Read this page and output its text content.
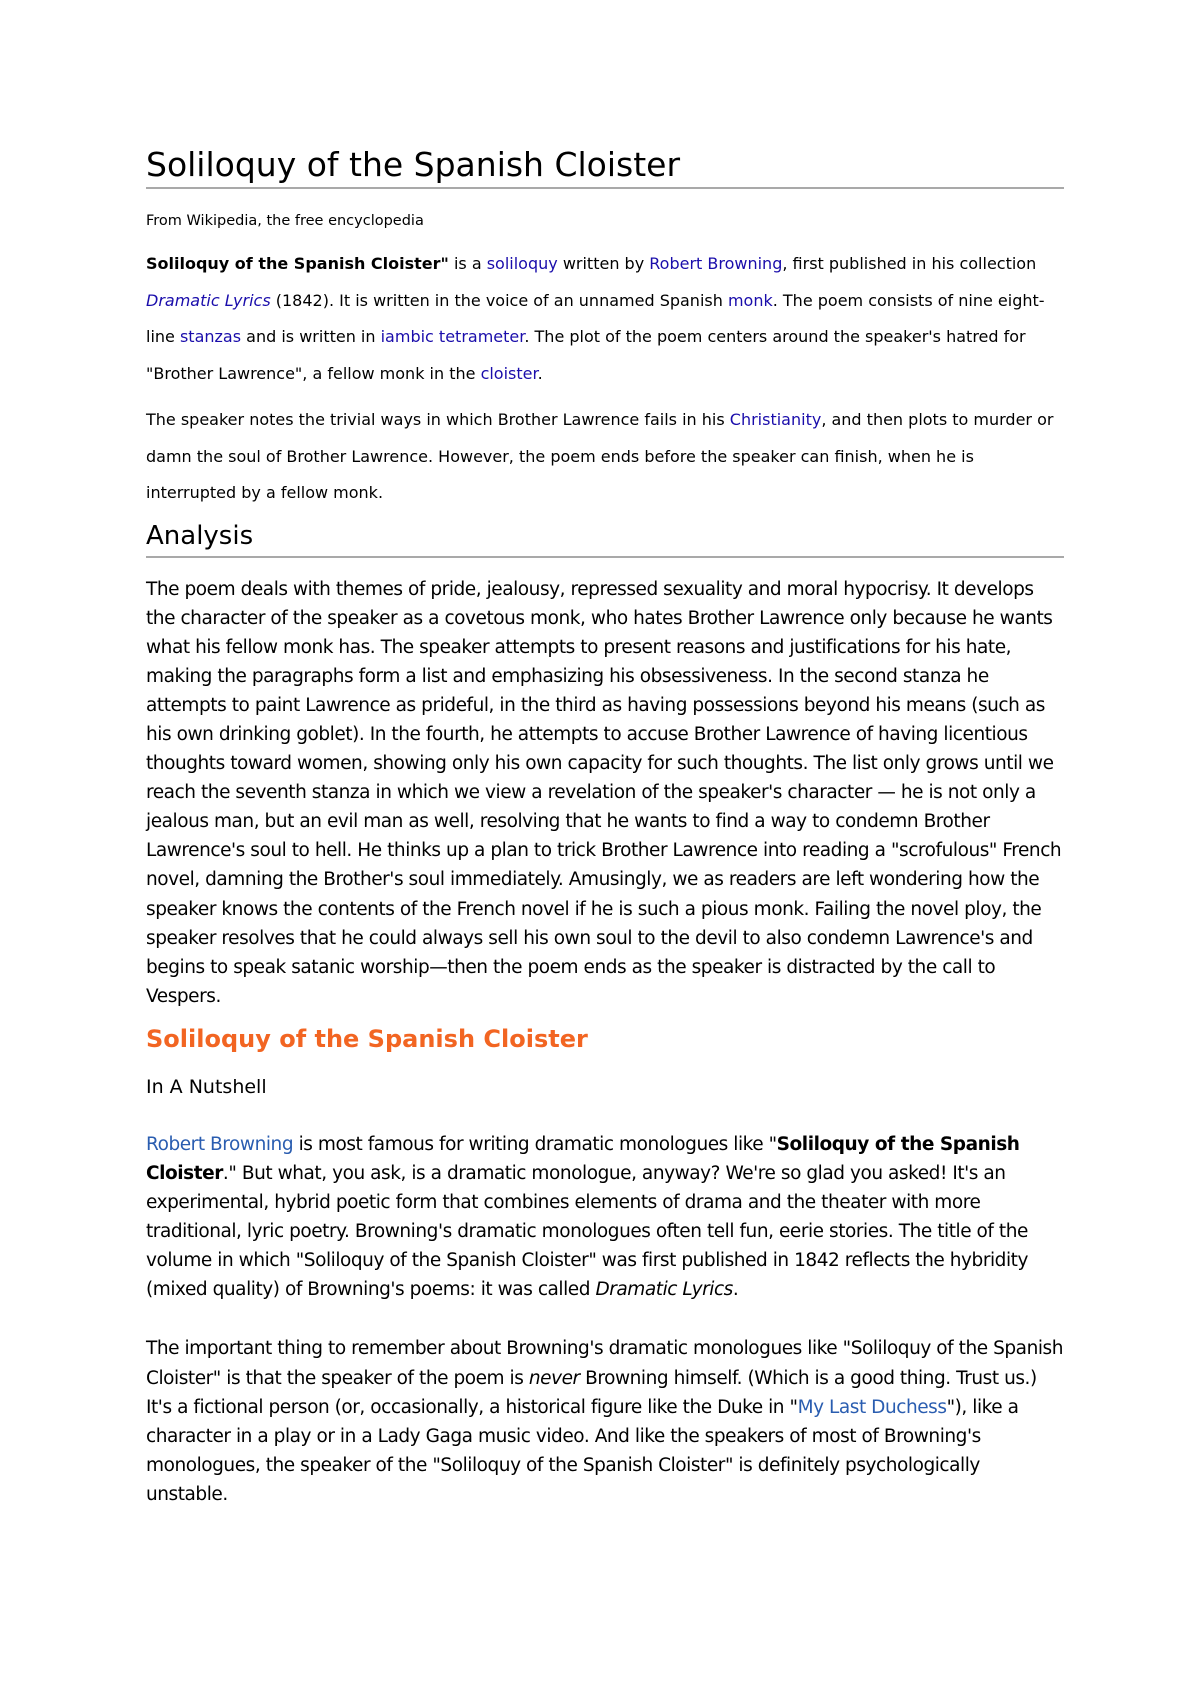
Soliloquy of the Spanish Cloister
From Wikipedia, the free encyclopedia

Soliloquy of the Spanish Cloister" is a soliloquy written by Robert Browning, first published in his collection Dramatic Lyrics (1842). It is written in the voice of an unnamed Spanish monk. The poem consists of nine eight-line stanzas and is written in iambic tetrameter. The plot of the poem centers around the speaker's hatred for "Brother Lawrence", a fellow monk in the cloister.

The speaker notes the trivial ways in which Brother Lawrence fails in his Christianity, and then plots to murder or damn the soul of Brother Lawrence. However, the poem ends before the speaker can finish, when he is interrupted by a fellow monk.

Analysis

The poem deals with themes of pride, jealousy, repressed sexuality and moral hypocrisy. It develops the character of the speaker as a covetous monk, who hates Brother Lawrence only because he wants what his fellow monk has. The speaker attempts to present reasons and justifications for his hate, making the paragraphs form a list and emphasizing his obsessiveness. In the second stanza he attempts to paint Lawrence as prideful, in the third as having possessions beyond his means (such as his own drinking goblet). In the fourth, he attempts to accuse Brother Lawrence of having licentious thoughts toward women, showing only his own capacity for such thoughts. The list only grows until we reach the seventh stanza in which we view a revelation of the speaker's character — he is not only a jealous man, but an evil man as well, resolving that he wants to find a way to condemn Brother Lawrence's soul to hell. He thinks up a plan to trick Brother Lawrence into reading a "scrofulous" French novel, damning the Brother's soul immediately. Amusingly, we as readers are left wondering how the speaker knows the contents of the French novel if he is such a pious monk. Failing the novel ploy, the speaker resolves that he could always sell his own soul to the devil to also condemn Lawrence's and begins to speak satanic worship—then the poem ends as the speaker is distracted by the call to Vespers.

Soliloquy of the Spanish Cloister
In A Nutshell

Robert Browning is most famous for writing dramatic monologues like "Soliloquy of the Spanish Cloister." But what, you ask, is a dramatic monologue, anyway? We're so glad you asked! It's an experimental, hybrid poetic form that combines elements of drama and the theater with more traditional, lyric poetry. Browning's dramatic monologues often tell fun, eerie stories. The title of the volume in which "Soliloquy of the Spanish Cloister" was first published in 1842 reflects the hybridity (mixed quality) of Browning's poems: it was called Dramatic Lyrics.

The important thing to remember about Browning's dramatic monologues like "Soliloquy of the Spanish Cloister" is that the speaker of the poem is never Browning himself. (Which is a good thing. Trust us.) It's a fictional person (or, occasionally, a historical figure like the Duke in "My Last Duchess"), like a character in a play or in a Lady Gaga music video. And like the speakers of most of Browning's monologues, the speaker of the "Soliloquy of the Spanish Cloister" is definitely psychologically unstable.
